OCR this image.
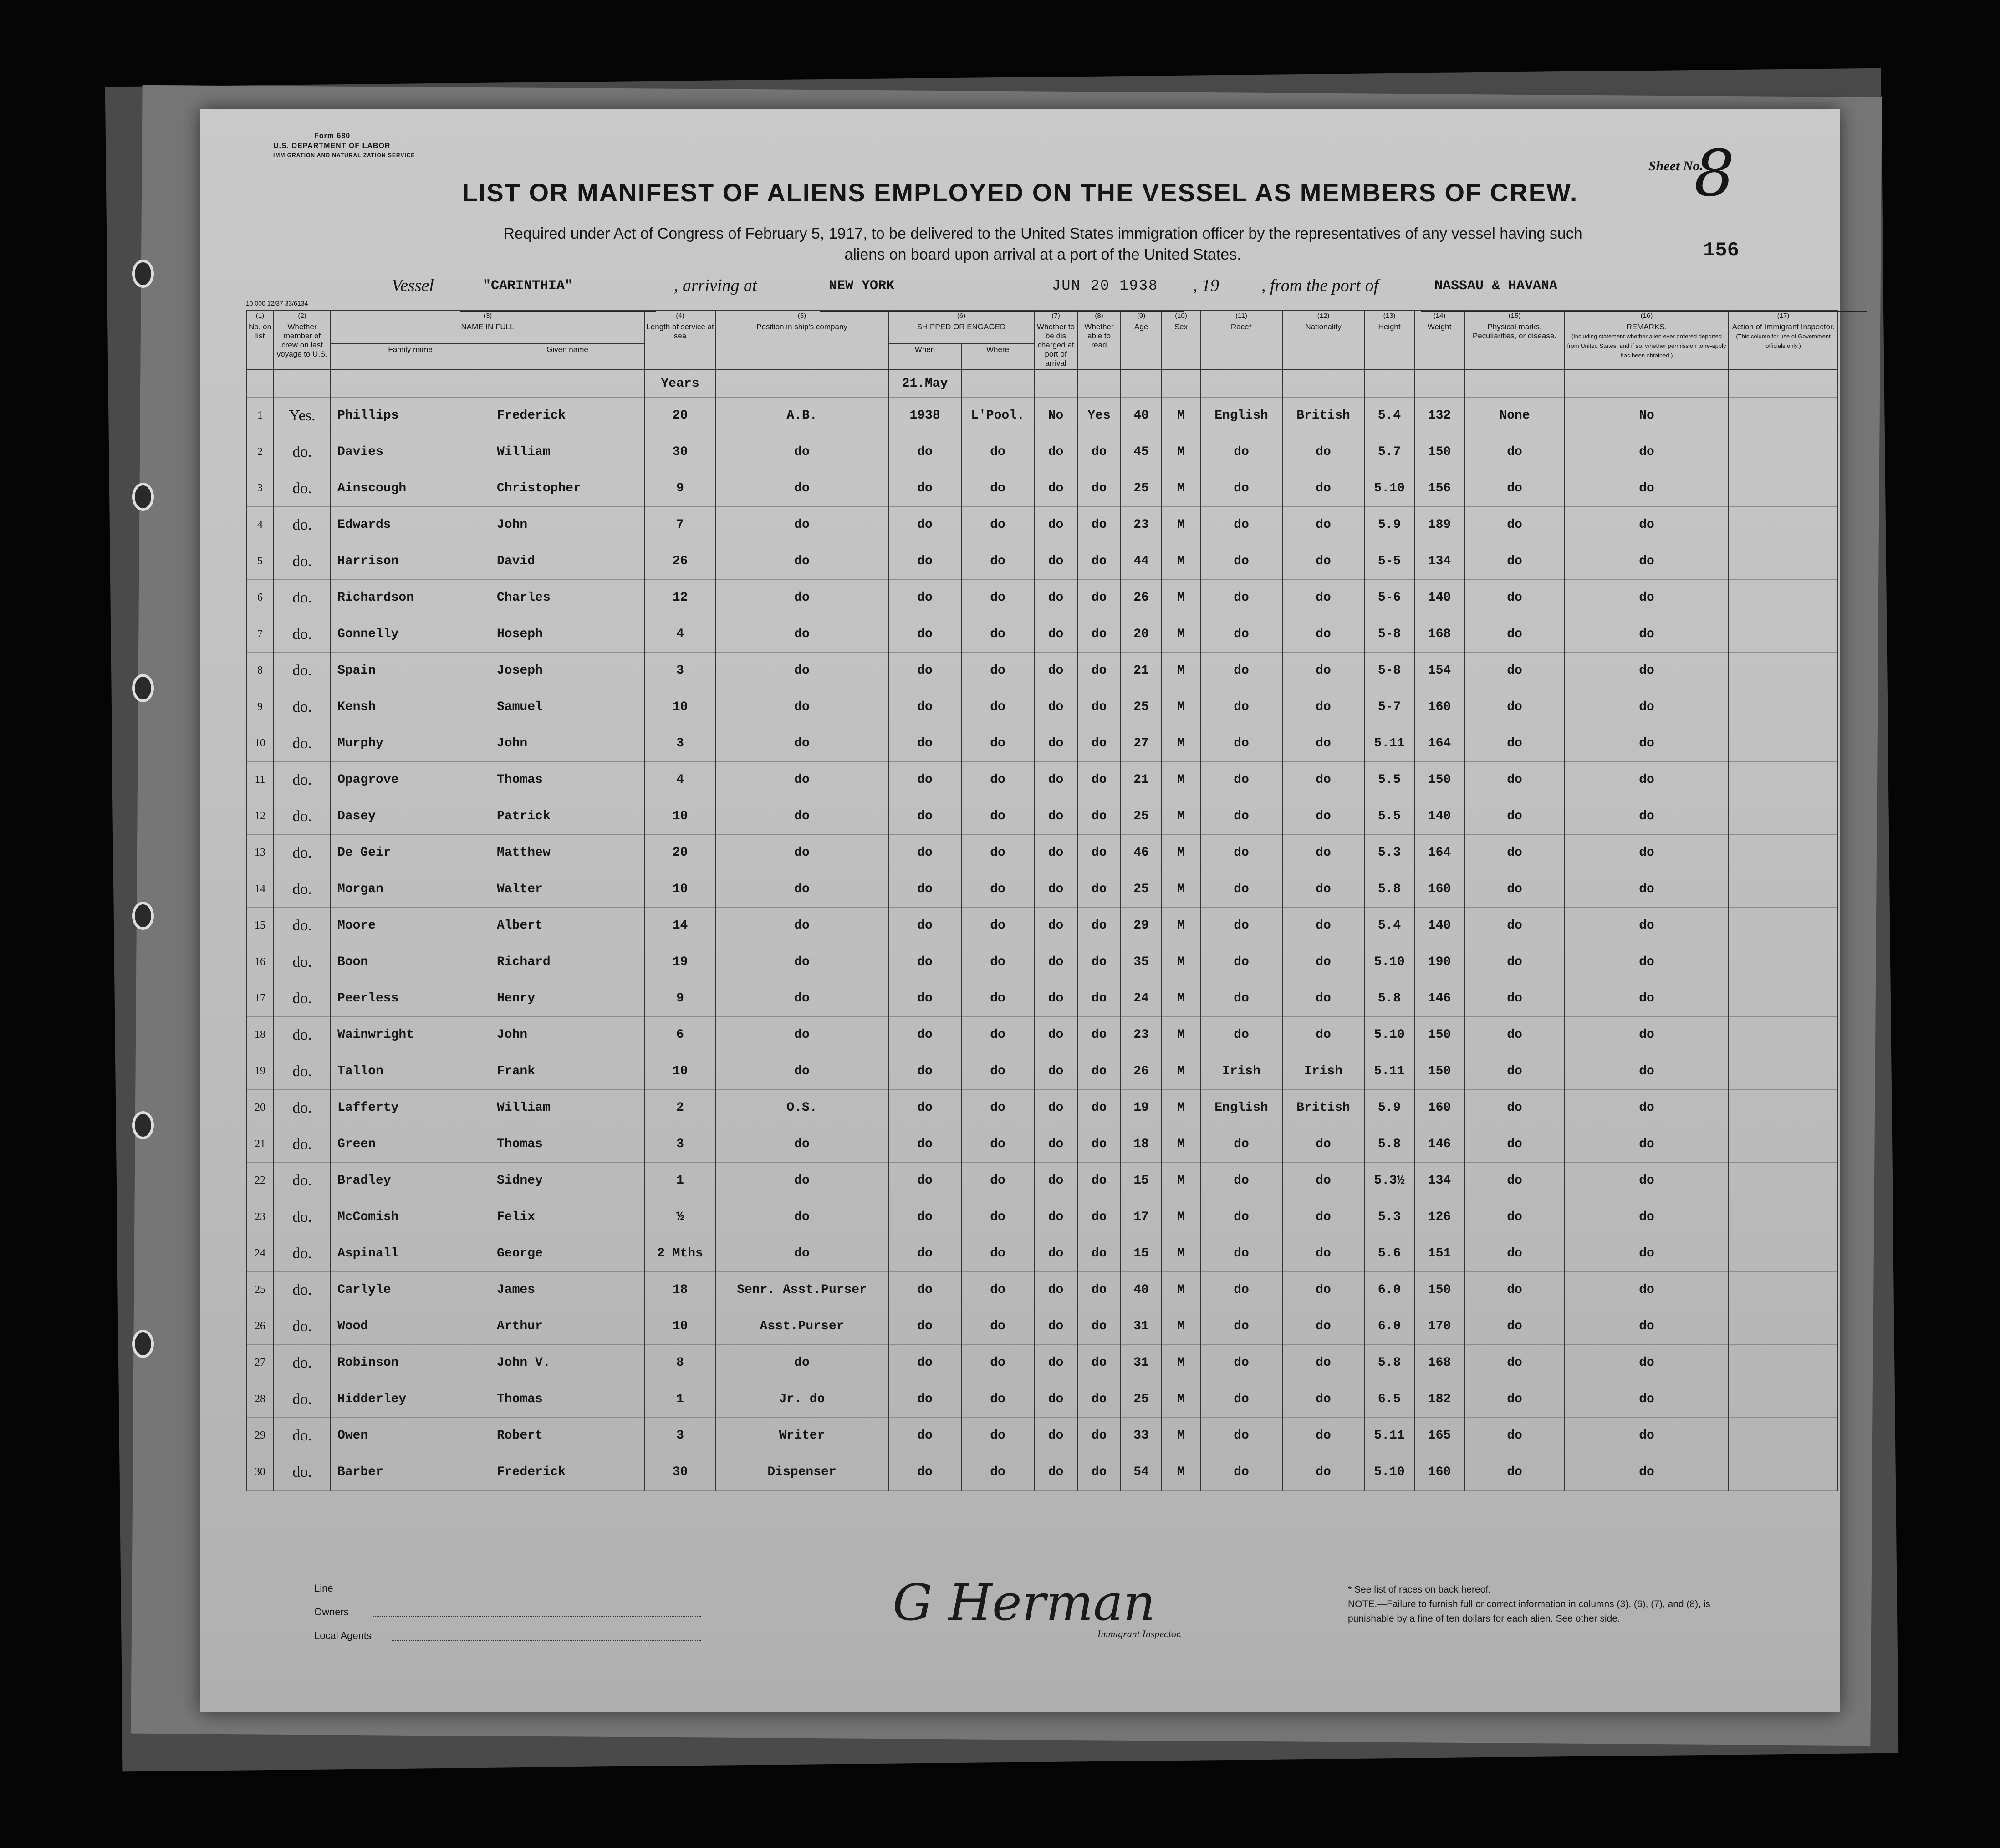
Form 680
U.S. DEPARTMENT OF LABOR
IMMIGRATION AND NATURALIZATION SERVICE
LIST OR MANIFEST OF ALIENS EMPLOYED ON THE VESSEL AS MEMBERS OF CREW.
Required under Act of Congress of February 5, 1917, to be delivered to the United States immigration officer by the representatives of any vessel having such
aliens on board upon arrival at a port of the United States.
Sheet No.
8
156
Vessel	"CARINTHIA"	, arriving at	NEW YORK	JUN 20 1938 , 19 , from the port of	NASSAU & HAVANA
10 000 12/37 33/6134
(1)
No. on list	(2)
Whether member of crew on last voyage to U.S.	(3)
NAME IN FULL		(4)
Length of service at sea	(5)
Position in ship's company	(6)
SHIPPED OR ENGAGED		(7)
Whether to be dis charged at port of arrival	(8)
Whether able to read	(9)
Age	(10)
Sex	(11)
Race*	(12)
Nationality	(13)
Height	(14)
Weight	(15)
Physical marks, Peculiarities, or disease.	(16)
REMARKS.
(Including statement whether alien ever ordered deported from United States, and if so, whether permission to re-apply has been obtained.)	(17)
Action of Immigrant Inspector.
(This column for use of Government officials only.)
		Family name	Given name			When	Where											
				Years		21.May												
1	Yes.	Phillips	Frederick	20	A.B.	1938	L'Pool.	No	Yes	40	M	English	British	5.4	132	None	No	
2	do.	Davies	William	30	do	do	do	do	do	45	M	do	do	5.7	150	do	do	
3	do.	Ainscough	Christopher	9	do	do	do	do	do	25	M	do	do	5.10	156	do	do	
4	do.	Edwards	John	7	do	do	do	do	do	23	M	do	do	5.9	189	do	do	
5	do.	Harrison	David	26	do	do	do	do	do	44	M	do	do	5-5	134	do	do	
6	do.	Richardson	Charles	12	do	do	do	do	do	26	M	do	do	5-6	140	do	do	
7	do.	Gonnelly	Hoseph	4	do	do	do	do	do	20	M	do	do	5-8	168	do	do	
8	do.	Spain	Joseph	3	do	do	do	do	do	21	M	do	do	5-8	154	do	do	
9	do.	Kensh	Samuel	10	do	do	do	do	do	25	M	do	do	5-7	160	do	do	
10	do.	Murphy	John	3	do	do	do	do	do	27	M	do	do	5.11	164	do	do	
11	do.	Opagrove	Thomas	4	do	do	do	do	do	21	M	do	do	5.5	150	do	do	
12	do.	Dasey	Patrick	10	do	do	do	do	do	25	M	do	do	5.5	140	do	do	
13	do.	De Geir	Matthew	20	do	do	do	do	do	46	M	do	do	5.3	164	do	do	
14	do.	Morgan	Walter	10	do	do	do	do	do	25	M	do	do	5.8	160	do	do	
15	do.	Moore	Albert	14	do	do	do	do	do	29	M	do	do	5.4	140	do	do	
16	do.	Boon	Richard	19	do	do	do	do	do	35	M	do	do	5.10	190	do	do	
17	do.	Peerless	Henry	9	do	do	do	do	do	24	M	do	do	5.8	146	do	do	
18	do.	Wainwright	John	6	do	do	do	do	do	23	M	do	do	5.10	150	do	do	
19	do.	Tallon	Frank	10	do	do	do	do	do	26	M	Irish	Irish	5.11	150	do	do	
20	do.	Lafferty	William	2	O.S.	do	do	do	do	19	M	English	British	5.9	160	do	do	
21	do.	Green	Thomas	3	do	do	do	do	do	18	M	do	do	5.8	146	do	do	
22	do.	Bradley	Sidney	1	do	do	do	do	do	15	M	do	do	5.3½	134	do	do	
23	do.	McComish	Felix	½	do	do	do	do	do	17	M	do	do	5.3	126	do	do	
24	do.	Aspinall	George	2 Mths	do	do	do	do	do	15	M	do	do	5.6	151	do	do	
25	do.	Carlyle	James	18	Senr. Asst.Purser	do	do	do	do	40	M	do	do	6.0	150	do	do	
26	do.	Wood	Arthur	10	Asst.Purser	do	do	do	do	31	M	do	do	6.0	170	do	do	
27	do.	Robinson	John V.	8	do	do	do	do	do	31	M	do	do	5.8	168	do	do	
28	do.	Hidderley	Thomas	1	Jr. do	do	do	do	do	25	M	do	do	6.5	182	do	do	
29	do.	Owen	Robert	3	Writer	do	do	do	do	33	M	do	do	5.11	165	do	do	
30	do.	Barber	Frederick	30	Dispenser	do	do	do	do	54	M	do	do	5.10	160	do	do	
Line
Owners
Local Agents
G Herman
Immigrant Inspector.
* See list of races on back hereof.
NOTE.—Failure to furnish full or correct information in columns (3), (6), (7), and (8), is punishable by a fine of ten dollars for each alien. See other side.
